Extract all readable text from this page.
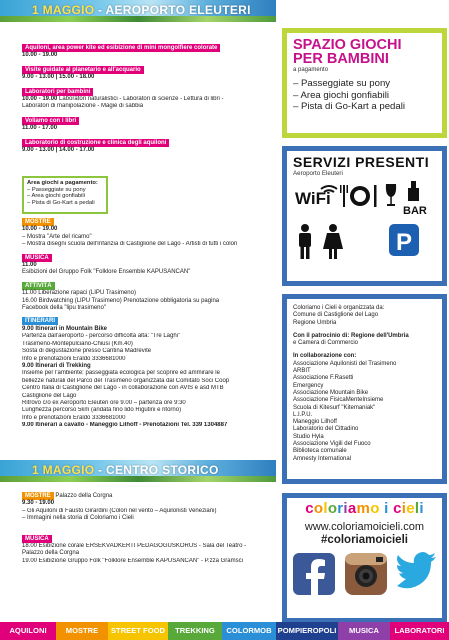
1 MAGGIO - AEROPORTO ELEUTERI
Aquiloni, area power kite ed esibizione di mini mongolfiere colorate
10.00 - 19.00
Visite guidate al planetario e all'acquario
9.00 - 13.00 | 15.00 - 18.00
Laboratori per bambini
10.00 - 19.00 Laboratori naturalistici - Laboratori di scienze - Lettura di libri -
Laboratori di manipolazione - Magie di sabbia
Voliamo con i libri
11.00 - 17.00
Laboratorio di costruzione e clinica degli aquiloni
9.00 - 13.00 | 14.00 - 17.00
Area giochi a pagamento:
– Passeggiate su pony
– Area giochi gonfiabili
– Pista di Go-Kart a pedali
MOSTRE
10.00 - 19.00
– Mostra "Arte del ricamo"
– Mostra disegni scuola dell'Infanzia di Castiglione del Lago - Artisti di tutti i colori
MUSICA
11.00
Esibizioni del Gruppo Folk "Folklore Ensemble KAPUSANCAN"
ATTIVITÀ
11.00 Liberazione rapaci (LIPU Trasimeno)
16.00 Birdwatching (LIPU Trasimeno) Prenotazione obbligatoria su pagina
Facebook della "lipu trasimeno"
ITINERARI
9.00 Itinerari in Mountain Bike
Partenza dall'aeroporto - percorso difficoltà alta: "Tre Laghi"
Trasimeno-Montepulciano-Chiusi (Km.40)
Sosta di degustazione presso Cantina Madrevite
Info e prenotazioni Eraldo 3336681000
9.00 Itinerari di Trekking
Insieme per l'ambiente: passeggiata ecologica per scoprire ed ammirare le
bellezze naturali del Parco del Trasimeno organizzata dal Comitato Soci Coop
Centro Italia di Castiglione del Lago - in collaborazione con AVIS e asd MTB
Castiglione del Lago
Ritrovo c/o ex Aeroporto Eleuteri ore 9.00 – partenza ore 9:30
Lunghezza percorso 5km (andata fino lido Rigutini e ritorno)
Info e prenotazioni Eraldo 3336681000
9.00 Itinerari a cavallo - Maneggio Lilhoff - Prenotazioni Tel. 339 1304887
1 MAGGIO - CENTRO STORICO
MOSTRE Palazzo della Corgna
9.30 - 19.00
– Gli Aquiloni di Fausto Girardini (Colori nel vento – Aquilonisti Veneziani)
– Immagini nella storia di Coloriamo i Cieli
MUSICA
18.00 Esibizione corale ÉRSEKVADKERTI PEDAGÓGUSKÓRUS - Sala del Teatro -
Palazzo della Corgna
19.00 Esibizione Gruppo Folk "Folklore Ensemble KAPUSANCAN" - P.zza Gramsci
SPAZIO GIOCHI
PER BAMBINI
a pagamento
– Passeggiate su pony
– Area giochi gonfiabili
– Pista di Go-Kart a pedali
SERVIZI PRESENTI
Aeroporto Eleuteri
WiFi
BAR
P
Coloriamo i Cieli è organizzata da:
Comune di Castiglione del Lago
Regione Umbria
Con il patrocinio di: Regione dell'Umbria
e Camera di Commercio
In collaborazione con:
Associazione Aquilonisti del Trasimeno
ARBIT
Associazione F.Rasetti
Emergency
Associazione Mountain Bike
Associazione FisicaMenteInsieme
Scuola di Kitesurf "Kitemaniak"
L.I.P.U.
Maneggio Lilhoff
Laboratorio del Cittadino
Studio Hyla
Associazione Vigili del Fuoco
Biblioteca comunale
Amnesty International
coloriamo i cieli
www.coloriamoicieli.com
#coloriamoicieli
AQUILONI	MOSTRE	STREET FOOD	TREKKING	COLORMOB POMPIEROPOLI	MUSICA	LABORATORI
